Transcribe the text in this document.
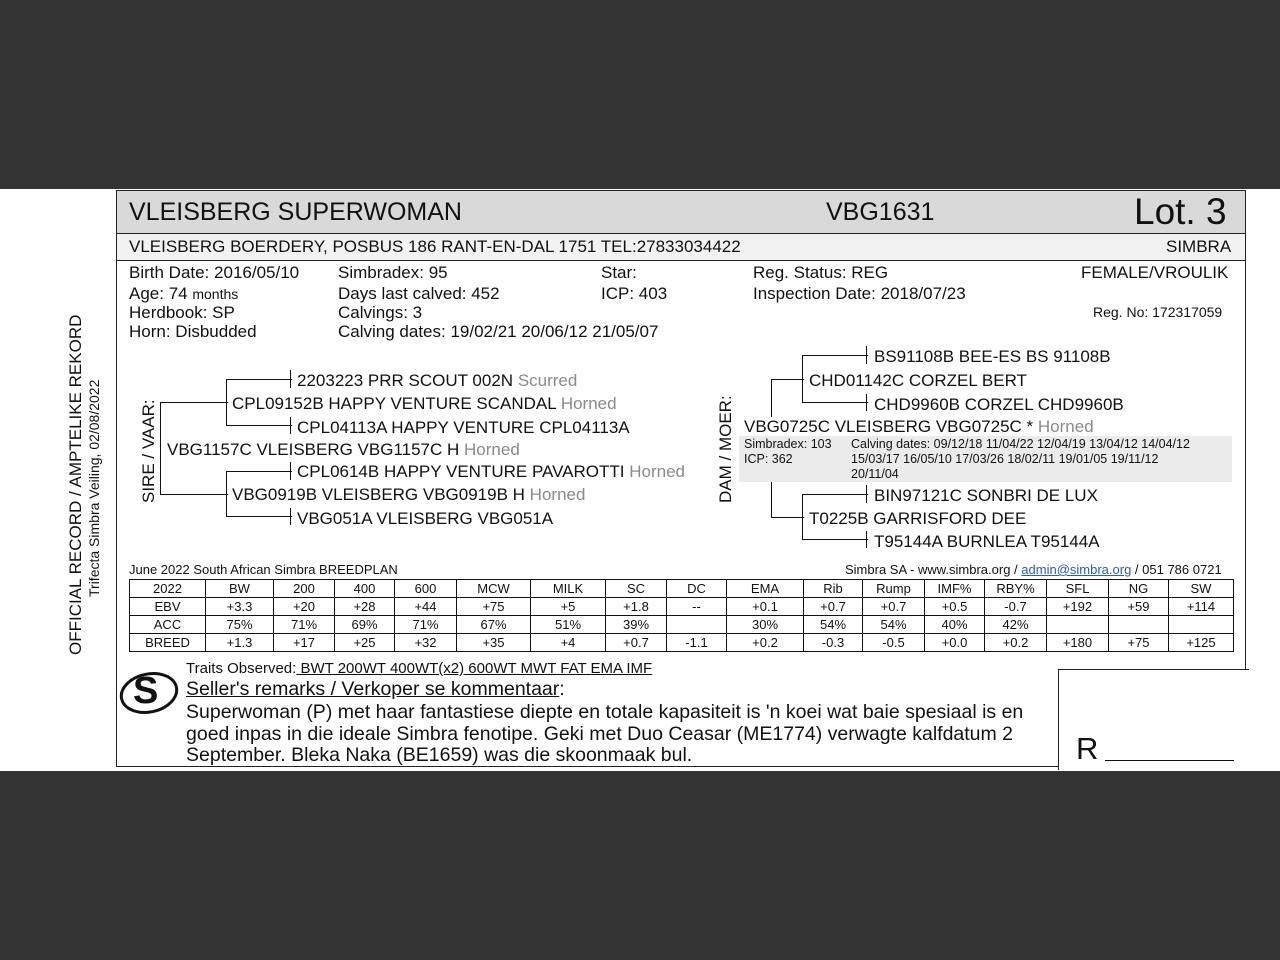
OFFICIAL RECORD / AMPTELIKE REKORD Trifecta Simbra Veiling, 02/08/2022
VLEISBERG SUPERWOMAN	VBG1631	Lot. 3
VLEISBERG BOERDERY, POSBUS 186 RANT-EN-DAL 1751 TEL:27833034422	SIMBRA
Birth Date: 2016/05/10
Age: 74 months
Herdbook: SP
Horn: Disbudded
Simbradex: 95
Days last calved: 452
Calvings: 3
Calving dates: 19/02/21 20/06/12 21/05/07
Star:
ICP: 403
Reg. Status: REG
Inspection Date: 2018/07/23
FEMALE/VROULIK
Reg. No: 172317059
SIRE / VAAR: VBG1157C VLEISBERG VBG1157C H Horned
CPL09152B HAPPY VENTURE SCANDAL Horned
2203223 PRR SCOUT 002N Scurred
CPL04113A HAPPY VENTURE CPL04113A
VBG0919B VLEISBERG VBG0919B H Horned
CPL0614B HAPPY VENTURE PAVAROTTI Horned
VBG051A VLEISBERG VBG051A
DAM / MOER: VBG0725C VLEISBERG VBG0725C * Horned
Simbradex: 103
ICP: 362
Calving dates: 09/12/18 11/04/22 12/04/19 13/04/12 14/04/12
15/03/17 16/05/10 17/03/26 18/02/11 19/01/05 19/11/12
20/11/04
CHD01142C CORZEL BERT
BS91108B BEE-ES BS 91108B
CHD9960B CORZEL CHD9960B
T0225B GARRISFORD DEE
BIN97121C SONBRI DE LUX
T95144A BURNLEA T95144A
June 2022 South African Simbra BREEDPLAN	Simbra SA - www.simbra.org / admin@simbra.org / 051 786 0721
2022	BW	200	400	600	MCW	MILK	SC	DC	EMA	Rib	Rump	IMF%	RBY%	SFL	NG	SW
EBV	+3.3	+20	+28	+44	+75	+5	+1.8	--	+0.1	+0.7	+0.7	+0.5	-0.7	+192	+59	+114
ACC	75%	71%	69%	71%	67%	51%	39%		30%	54%	54%	40%	42%			
BREED	+1.3	+17	+25	+32	+35	+4	+0.7	-1.1	+0.2	-0.3	-0.5	+0.0	+0.2	+180	+75	+125
Traits Observed: BWT 200WT 400WT(x2) 600WT MWT FAT EMA IMF
S Seller's remarks / Verkoper se kommentaar:
Superwoman (P) met haar fantastiese diepte en totale kapasiteit is 'n koei wat baie spesiaal is en
goed inpas in die ideale Simbra fenotipe. Geki met Duo Ceasar (ME1774) verwagte kalfdatum 2
September. Bleka Naka (BE1659) was die skoonmaak bul.	R
